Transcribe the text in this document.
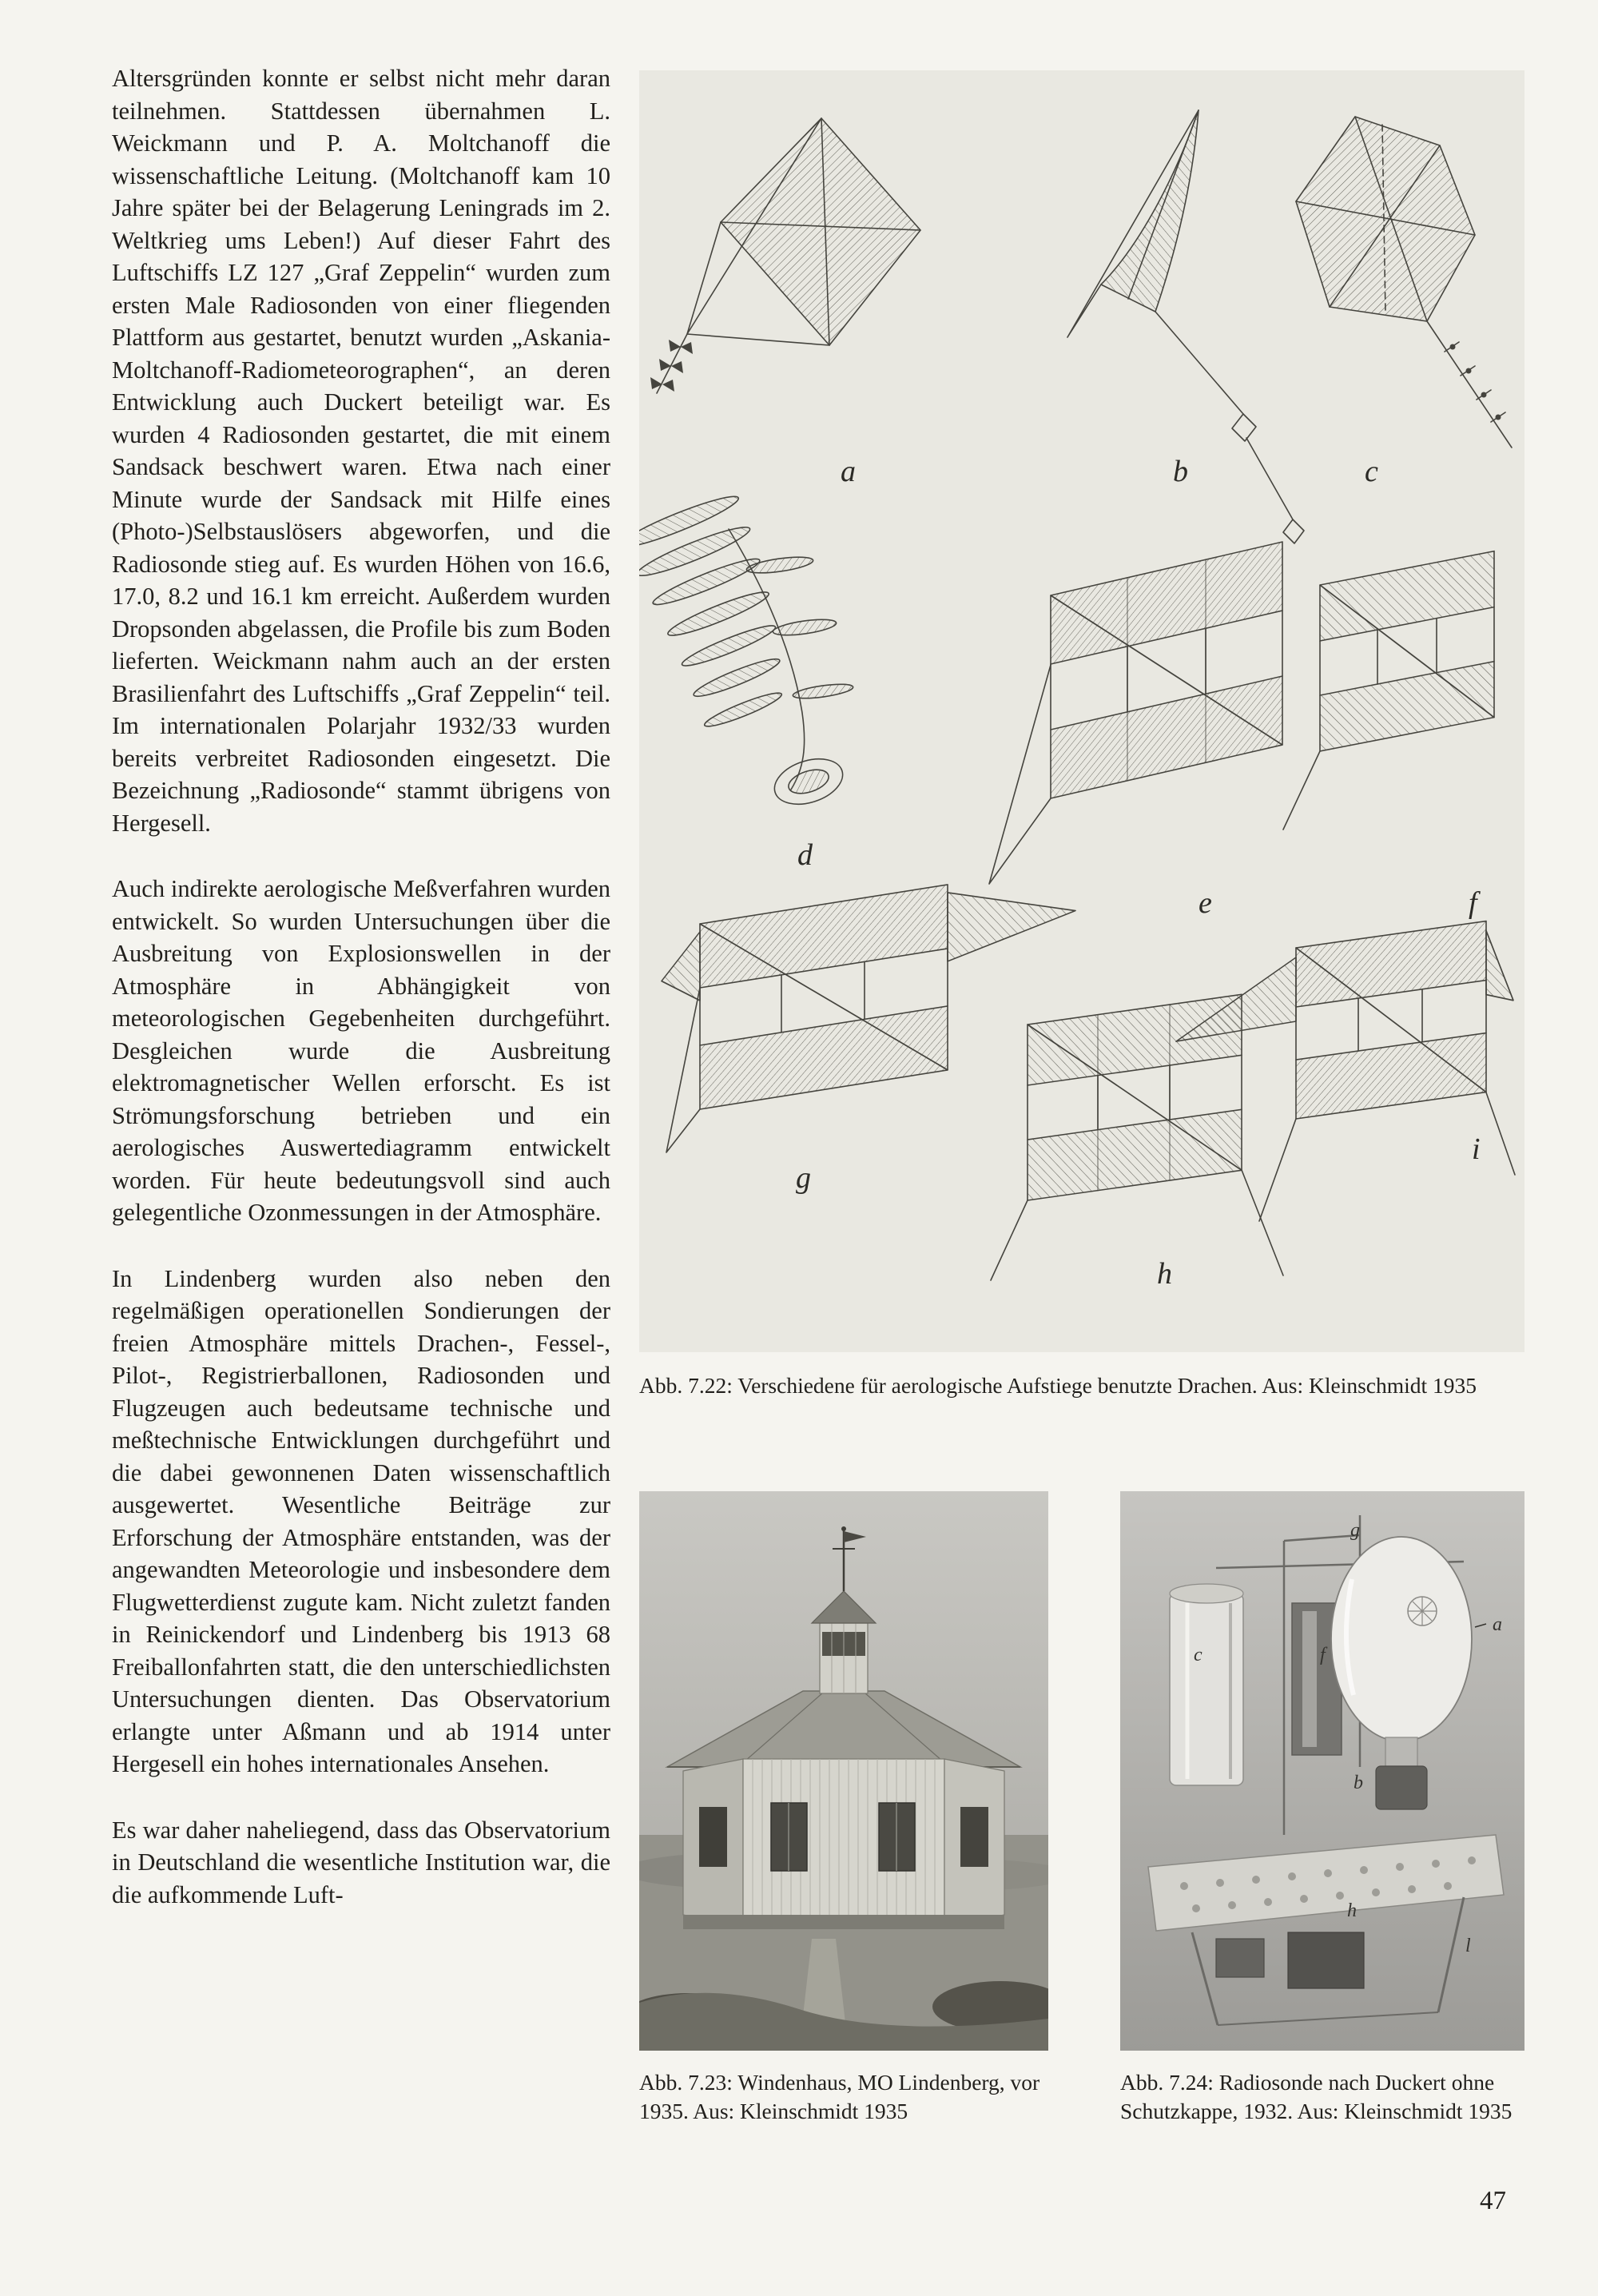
Altersgründen konnte er selbst nicht mehr daran teilnehmen. Stattdessen übernahmen L. Weickmann und P. A. Moltchanoff die wissenschaftliche Leitung. (Moltchanoff kam 10 Jahre später bei der Belagerung Leningrads im 2. Weltkrieg ums Leben!) Auf dieser Fahrt des Luftschiffs LZ 127 „Graf Zeppelin“ wurden zum ersten Male Radiosonden von einer fliegenden Plattform aus gestartet, benutzt wurden „Askania-Moltchanoff-Radiometeorographen“, an deren Entwicklung auch Duckert beteiligt war. Es wurden 4 Radiosonden gestartet, die mit einem Sandsack beschwert waren. Etwa nach einer Minute wurde der Sandsack mit Hilfe eines (Photo-)Selbstauslösers abgeworfen, und die Radiosonde stieg auf. Es wurden Höhen von 16.6, 17.0, 8.2 und 16.1 km erreicht. Außerdem wurden Dropsonden abgelassen, die Profile bis zum Boden lieferten. Weickmann nahm auch an der ersten Brasilienfahrt des Luftschiffs „Graf Zeppelin“ teil. Im internationalen Polarjahr 1932/33 wurden bereits verbreitet Radiosonden eingesetzt. Die Bezeichnung „Radiosonde“ stammt übrigens von Hergesell.

Auch indirekte aerologische Meßverfahren wurden entwickelt. So wurden Untersuchungen über die Ausbreitung von Explosionswellen in der Atmosphäre in Abhängigkeit von meteorologischen Gegebenheiten durchgeführt. Desgleichen wurde die Ausbreitung elektromagnetischer Wellen erforscht. Es ist Strömungsforschung betrieben und ein aerologisches Auswertediagramm entwickelt worden. Für heute bedeutungsvoll sind auch gelegentliche Ozonmessungen in der Atmosphäre.

In Lindenberg wurden also neben den regelmäßigen operationellen Sondierungen der freien Atmosphäre mittels Drachen-, Fessel-, Pilot-, Registrierballonen, Radiosonden und Flugzeugen auch bedeutsame technische und meßtechnische Entwicklungen durchgeführt und die dabei gewonnenen Daten wissenschaftlich ausgewertet. Wesentliche Beiträge zur Erforschung der Atmosphäre entstanden, was der angewandten Meteorologie und insbesondere dem Flugwetterdienst zugute kam. Nicht zuletzt fanden in Reinickendorf und Lindenberg bis 1913 68 Freiballonfahrten statt, die den unterschiedlichsten Untersuchungen dienten. Das Observatorium erlangte unter Aßmann und ab 1914 unter Hergesell ein hohes internationales Ansehen.

Es war daher naheliegend, dass das Observatorium in Deutschland die wesentliche Institution war, die die aufkommende Luft-

a	b	c
d
e	f
g
h
i
Abb. 7.22: Verschiedene für aerologische Aufstiege benutzte Drachen. Aus: Kleinschmidt 1935
g
a
f
c
b
h
l
Abb. 7.23: Windenhaus, MO Lindenberg, vor 1935. Aus: Kleinschmidt 1935
Abb. 7.24: Radiosonde nach Duckert ohne Schutzkappe, 1932. Aus: Kleinschmidt 1935
47
